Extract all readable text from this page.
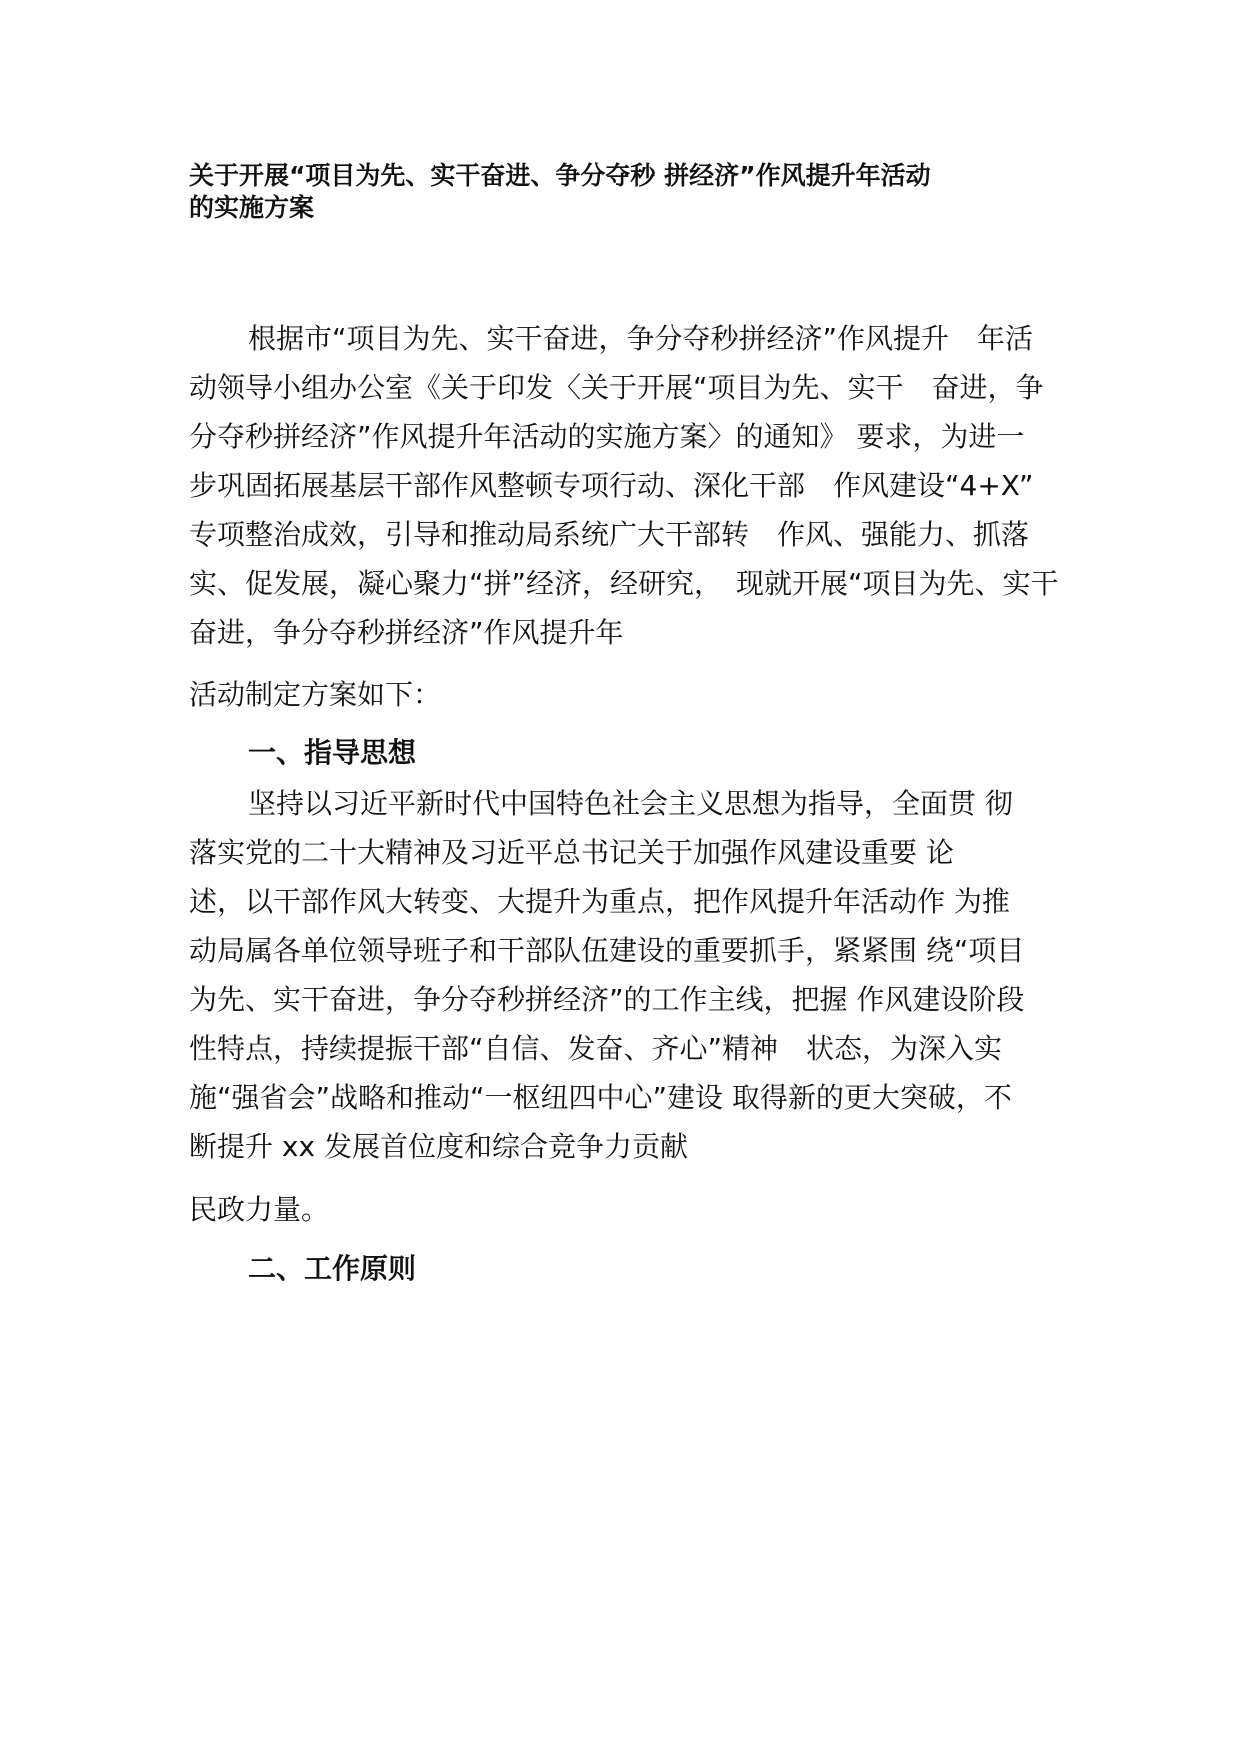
关于开展“项目为先、实干奋进、争分夺秒 拼经济”作风提升年活动
的实施方案

根据市“项目为先、实干奋进，争分夺秒拼经济”作风提升　年活

动领导小组办公室《关于印发〈关于开展“项目为先、实干　奋进，争

分夺秒拼经济”作风提升年活动的实施方案〉的通知》 要求，为进一

步巩固拓展基层干部作风整顿专项行动、深化干部　作风建设“4+X”

专项整治成效，引导和推动局系统广大干部转　作风、强能力、抓落

实、促发展，凝心聚力“拼”经济，经研究，　现就开展“项目为先、实干

奋进，争分夺秒拼经济”作风提升年

活动制定方案如下：

一、指导思想

坚持以习近平新时代中国特色社会主义思想为指导，全面贯 彻

落实党的二十大精神及习近平总书记关于加强作风建设重要 论

述，以干部作风大转变、大提升为重点，把作风提升年活动作 为推

动局属各单位领导班子和干部队伍建设的重要抓手，紧紧围 绕“项目

为先、实干奋进，争分夺秒拼经济”的工作主线，把握 作风建设阶段

性特点，持续提振干部“自信、发奋、齐心”精神　状态，为深入实

施“强省会”战略和推动“一枢纽四中心”建设 取得新的更大突破，不

断提升 xx 发展首位度和综合竞争力贡献

民政力量。

二、工作原则
